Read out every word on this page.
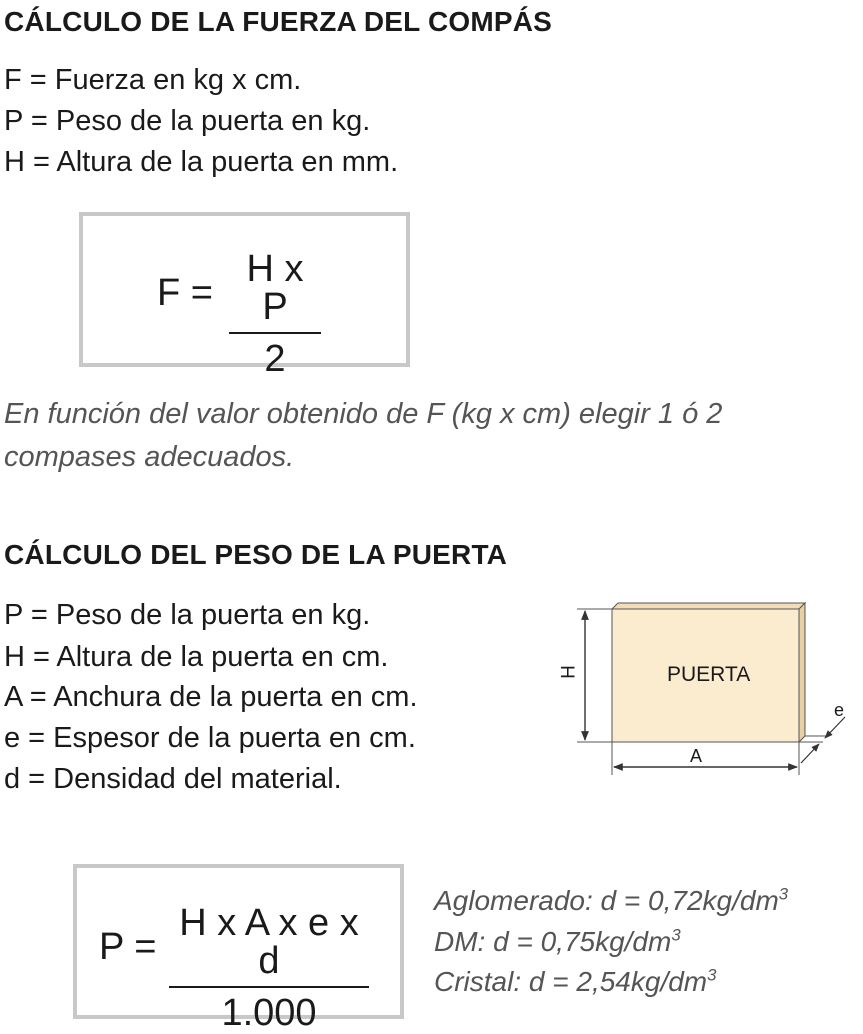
CÁLCULO DE LA FUERZA DEL COMPÁS
F = Fuerza en kg x cm.
P = Peso de la puerta en kg.
H = Altura de la puerta en mm.
F =
H x P
2
En función del valor obtenido de F (kg x cm) elegir 1 ó 2
compases adecuados.
CÁLCULO DEL PESO DE LA PUERTA
P = Peso de la puerta en kg.
H = Altura de la puerta en cm.
A = Anchura de la puerta en cm.
e = Espesor de la puerta en cm.
d = Densidad del material.
PUERTA
H
A
e
P =
H x A x e x d
1.000
Aglomerado: $d = 0,72kg/dm^3$
DM: $d = 0,75kg/dm^3$
Cristal: $d = 2,54kg/dm^3$
